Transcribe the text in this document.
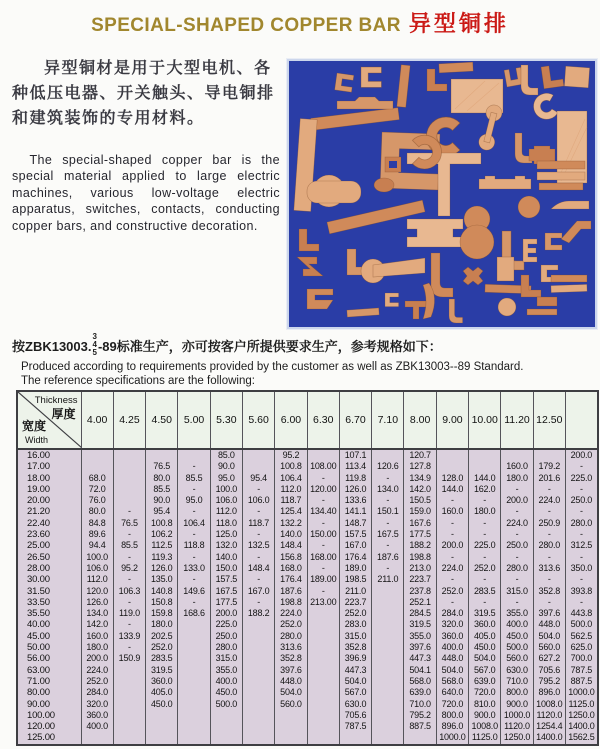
SPECIAL-SHAPED COPPER BAR 异型铜排

异型铜材是用于大型电机、各种低压电器、开关触头、导电铜排和建筑装饰的专用材料。

The special-shaped copper bar is the special material applied to large electric machines, various low-voltage electric apparatus, switches, contacts, conducting copper bars, and constructive decoration.

按ZBK13003.
3
4
5 -89标准生产，亦可按客户所提供要求生产，参考规格如下：
Produced according to requirements provided by the customer as well as ZBK13003--89 Standard.
The reference specifications are the following:
Thickness
厚度
宽度
Width	4.00	4.25	4.50	5.00	5.30	5.60	6.00	6.30	6.70	7.10	8.00	9.00	10.00	11.20	12.50	
16.00					85.0		95.2		107.1		120.7					200.0
17.00			76.5	-	90.0		100.8	108.00	113.4	120.6	127.8			160.0	179.2	-
18.00	68.0		80.0	85.5	95.0	95.4	106.4	-	119.8	-	134.9	128.0	144.0	180.0	201.6	225.0
19.00	72.0		85.5	-	100.0	-	112.0	120.00	126.0	134.0	142.0	144.0	162.0	-	-	-
20.00	76.0		90.0	95.0	106.0	106.0	118.7	-	133.6	-	150.5	-	-	200.0	224.0	250.0
21.20	80.0	-	95.4	-	112.0	-	125.4	134.40	141.1	150.1	159.0	160.0	180.0	-	-	-
22.40	84.8	76.5	100.8	106.4	118.0	118.7	132.2	-	148.7	-	167.6	-	-	224.0	250.9	280.0
23.60	89.6	-	106.2	-	125.0	-	140.0	150.00	157.5	167.5	177.5	-	-	-	-	-
25.00	94.4	85.5	112.5	118.8	132.0	132.5	148.4	-	167.0	-	188.2	200.0	225.0	250.0	280.0	312.5
26.50	100.0	-	119.3	-	140.0	-	156.8	168.00	176.4	187.6	198.8	-	-	-	-	-
28.00	106.0	95.2	126.0	133.0	150.0	148.4	168.0	-	189.0	-	213.0	224.0	252.0	280.0	313.6	350.0
30.00	112.0	-	135.0	-	157.5	-	176.4	189.00	198.5	211.0	223.7	-	-	-	-	-
31.50	120.0	106.3	140.8	149.6	167.5	167.0	187.6	-	211.0		237.8	252.0	283.5	315.0	352.8	393.8
33.50	126.0	-	150.8	-	177.5	-	198.8	213.00	223.7		252.1	-	-	-	-	-
35.50	134.0	119.0	159.8	168.6	200.0	188.2	224.0		252.0		284.5	284.0	319.5	355.0	397.6	443.8
40.00	142.0	-	180.0		225.0		252.0		283.0		319.5	320.0	360.0	400.0	448.0	500.0
45.00	160.0	133.9	202.5		250.0		280.0		315.0		355.0	360.0	405.0	450.0	504.0	562.5
50.00	180.0	-	252.0		280.0		313.6		352.8		397.6	400.0	450.0	500.0	560.0	625.0
56.00	200.0	150.9	283.5		315.0		352.8		396.9		447.3	448.0	504.0	560.0	627.2	700.0
63.00	224.0		319.5		355.0		397.6		447.3		504.1	504.0	567.0	630.0	705.6	787.5
71.00	252.0		360.0		400.0		448.0		504.0		568.0	568.0	639.0	710.0	795.2	887.5
80.00	284.0		405.0		450.0		504.0		567.0		639.0	640.0	720.0	800.0	896.0	1000.0
90.00	320.0		450.0		500.0		560.0		630.0		710.0	720.0	810.0	900.0	1008.0	1125.0
100.00	360.0								705.6		795.2	800.0	900.0	1000.0	1120.0	1250.0
120.00	400.0								787.5		887.5	896.0	1008.0	1120.0	1254.4	1400.0
125.00												1000.0	1125.0	1250.0	1400.0	1562.5
